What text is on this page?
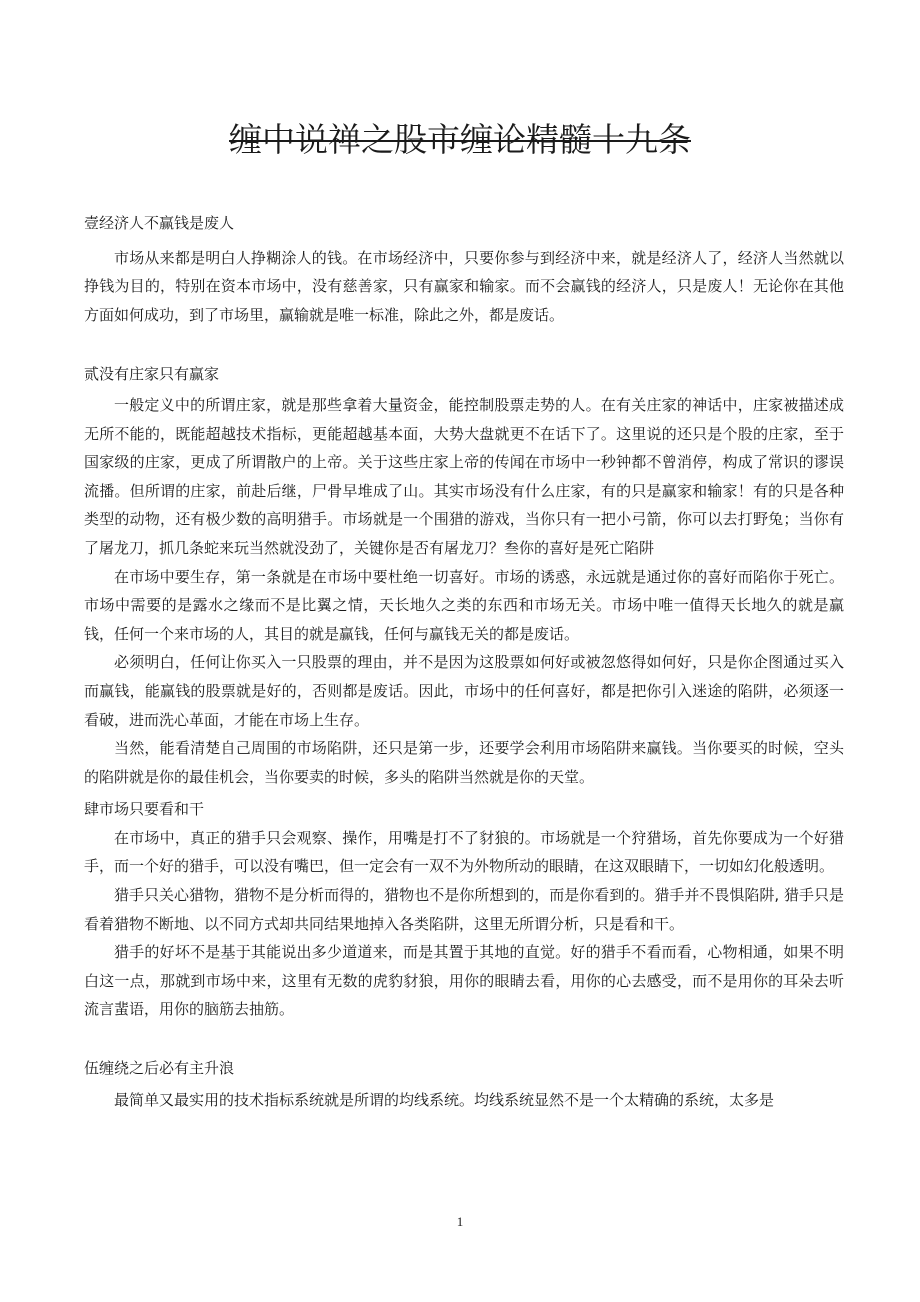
缠中说禅之股市缠论精髓十九条
壹经济人不赢钱是废人

市场从来都是明白人挣糊涂人的钱。在市场经济中，只要你参与到经济中来，就是经济人了，经济人当然就以挣钱为目的，特别在资本市场中，没有慈善家，只有赢家和输家。而不会赢钱的经济人，只是废人！无论你在其他方面如何成功，到了市场里，赢输就是唯一标准，除此之外，都是废话。

贰没有庄家只有赢家

一般定义中的所谓庄家，就是那些拿着大量资金，能控制股票走势的人。在有关庄家的神话中，庄家被描述成无所不能的，既能超越技术指标，更能超越基本面，大势大盘就更不在话下了。这里说的还只是个股的庄家，至于国家级的庄家，更成了所谓散户的上帝。关于这些庄家上帝的传闻在市场中一秒钟都不曾消停，构成了常识的谬误流播。但所谓的庄家，前赴后继，尸骨早堆成了山。其实市场没有什么庄家，有的只是赢家和输家！有的只是各种类型的动物，还有极少数的高明猎手。市场就是一个围猎的游戏，当你只有一把小弓箭，你可以去打野兔；当你有了屠龙刀，抓几条蛇来玩当然就没劲了，关键你是否有屠龙刀？叁你的喜好是死亡陷阱

在市场中要生存，第一条就是在市场中要杜绝一切喜好。市场的诱惑，永远就是通过你的喜好而陷你于死亡。市场中需要的是露水之缘而不是比翼之情，天长地久之类的东西和市场无关。市场中唯一值得天长地久的就是赢钱，任何一个来市场的人，其目的就是赢钱，任何与赢钱无关的都是废话。

必须明白，任何让你买入一只股票的理由，并不是因为这股票如何好或被忽悠得如何好，只是你企图通过买入而赢钱，能赢钱的股票就是好的，否则都是废话。因此，市场中的任何喜好，都是把你引入迷途的陷阱，必须逐一看破，进而洗心革面，才能在市场上生存。

当然，能看清楚自己周围的市场陷阱，还只是第一步，还要学会利用市场陷阱来赢钱。当你要买的时候，空头的陷阱就是你的最佳机会，当你要卖的时候，多头的陷阱当然就是你的天堂。

肆市场只要看和干

在市场中，真正的猎手只会观察、操作，用嘴是打不了豺狼的。市场就是一个狩猎场，首先你要成为一个好猎手，而一个好的猎手，可以没有嘴巴，但一定会有一双不为外物所动的眼睛，在这双眼睛下，一切如幻化般透明。

猎手只关心猎物，猎物不是分析而得的，猎物也不是你所想到的，而是你看到的。猎手并不畏惧陷阱, 猎手只是看着猎物不断地、以不同方式却共同结果地掉入各类陷阱，这里无所谓分析，只是看和干。

猎手的好坏不是基于其能说出多少道道来，而是其置于其地的直觉。好的猎手不看而看，心物相通，如果不明白这一点，那就到市场中来，这里有无数的虎豹豺狼，用你的眼睛去看，用你的心去感受，而不是用你的耳朵去听流言蜚语，用你的脑筋去抽筋。

伍缠绕之后必有主升浪

最简单又最实用的技术指标系统就是所谓的均线系统。均线系统显然不是一个太精确的系统，太多是

1
